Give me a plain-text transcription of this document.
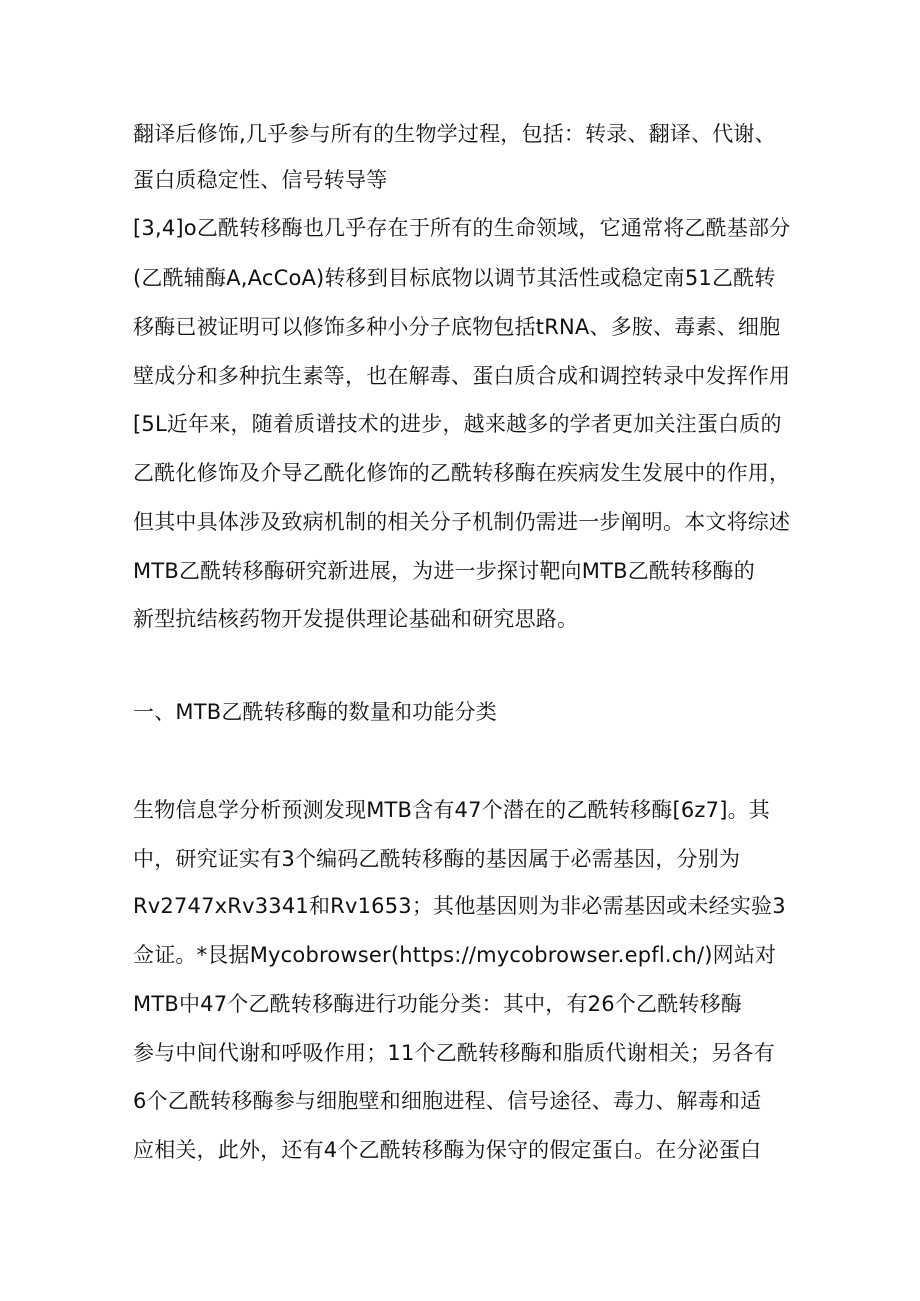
翻译后修饰,几乎参与所有的生物学过程，包括：转录、翻译、代谢、

蛋白质稳定性、信号转导等

[3,4]o乙酰转移酶也几乎存在于所有的生命领域，它通常将乙酰基部分

(乙酰辅酶A,AcCoA)转移到目标底物以调节其活性或稳定南51乙酰转

移酶已被证明可以修饰多种小分子底物包括tRNA、多胺、毒素、细胞

壁成分和多种抗生素等，也在解毒、蛋白质合成和调控转录中发挥作用

[5L近年来，随着质谱技术的进步，越来越多的学者更加关注蛋白质的

乙酰化修饰及介导乙酰化修饰的乙酰转移酶在疾病发生发展中的作用，

但其中具体涉及致病机制的相关分子机制仍需进一步阐明。本文将综述

MTB乙酰转移酶研究新进展，为进一步探讨靶向MTB乙酰转移酶的

新型抗结核药物开发提供理论基础和研究思路。

一、MTB乙酰转移酶的数量和功能分类

生物信息学分析预测发现MTB含有47个潜在的乙酰转移酶[6z7]。其

中，研究证实有3个编码乙酰转移酶的基因属于必需基因，分别为

Rv2747xRv3341和Rv1653；其他基因则为非必需基因或未经实验3

佥证。*艮据Mycobrowser(https://mycobrowser.epfl.ch/)网站对

MTB中47个乙酰转移酶进行功能分类：其中，有26个乙酰转移酶

参与中间代谢和呼吸作用；11个乙酰转移酶和脂质代谢相关；另各有

6个乙酰转移酶参与细胞壁和细胞进程、信号途径、毒力、解毒和适

应相关，此外，还有4个乙酰转移酶为保守的假定蛋白。在分泌蛋白
